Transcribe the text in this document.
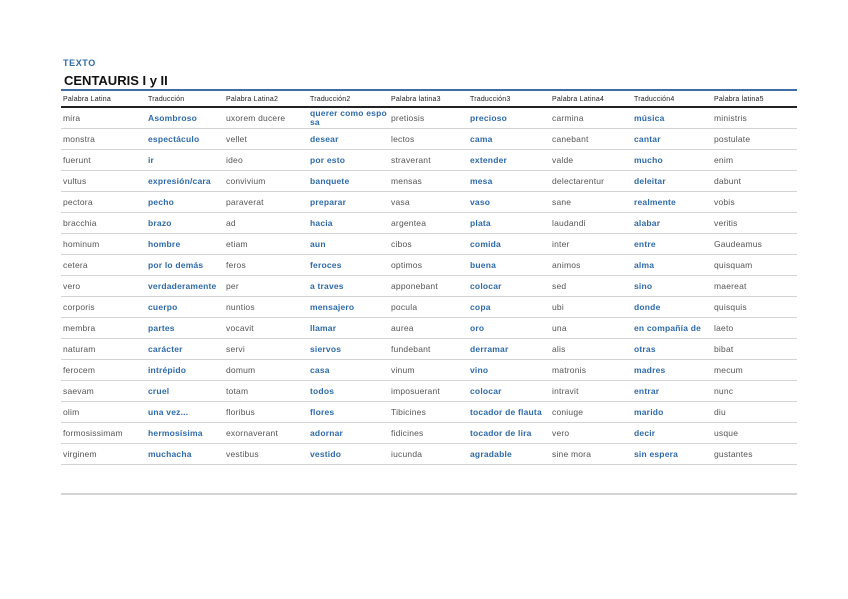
TEXTO
CENTAURIS I y II
Palabra Latina	Traducción	Palabra Latina2	Traducción2	Palabra latina3	Traducción3	Palabra Latina4	Traducción4	Palabra latina5
mira	Asombroso	uxorem ducere	querer como esposa	pretiosis	precioso	carmina	música	ministris
monstra	espectáculo	vellet	desear	lectos	cama	canebant	cantar	postulate
fuerunt	ir	ideo	por esto	straverant	extender	valde	mucho	enim
vultus	expresión/cara	convivium	banquete	mensas	mesa	delectarentur	deleitar	dabunt
pectora	pecho	paraverat	preparar	vasa	vaso	sane	realmente	vobis
bracchia	brazo	ad	hacia	argentea	plata	laudandi	alabar	veritis
hominum	hombre	etiam	aun	cibos	comida	inter	entre	Gaudeamus
cetera	por lo demás	feros	feroces	optimos	buena	animos	alma	quisquam
vero	verdaderamente	per	a traves	apponebant	colocar	sed	sino	maereat
corporis	cuerpo	nuntios	mensajero	pocula	copa	ubi	donde	quisquis
membra	partes	vocavit	llamar	aurea	oro	una	en compañía de	laeto
naturam	carácter	servi	siervos	fundebant	derramar	alis	otras	bibat
ferocem	intrépido	domum	casa	vinum	vino	matronis	madres	mecum
saevam	cruel	totam	todos	imposuerant	colocar	intravit	entrar	nunc
olim	una vez...	floribus	flores	Tibicines	tocador de flauta	coniuge	marido	diu
formosissimam	hermosísima	exornaverant	adornar	fidicines	tocador de lira	vero	decir	usque
virginem	muchacha	vestibus	vestido	iucunda	agradable	sine mora	sin espera	gustantes
